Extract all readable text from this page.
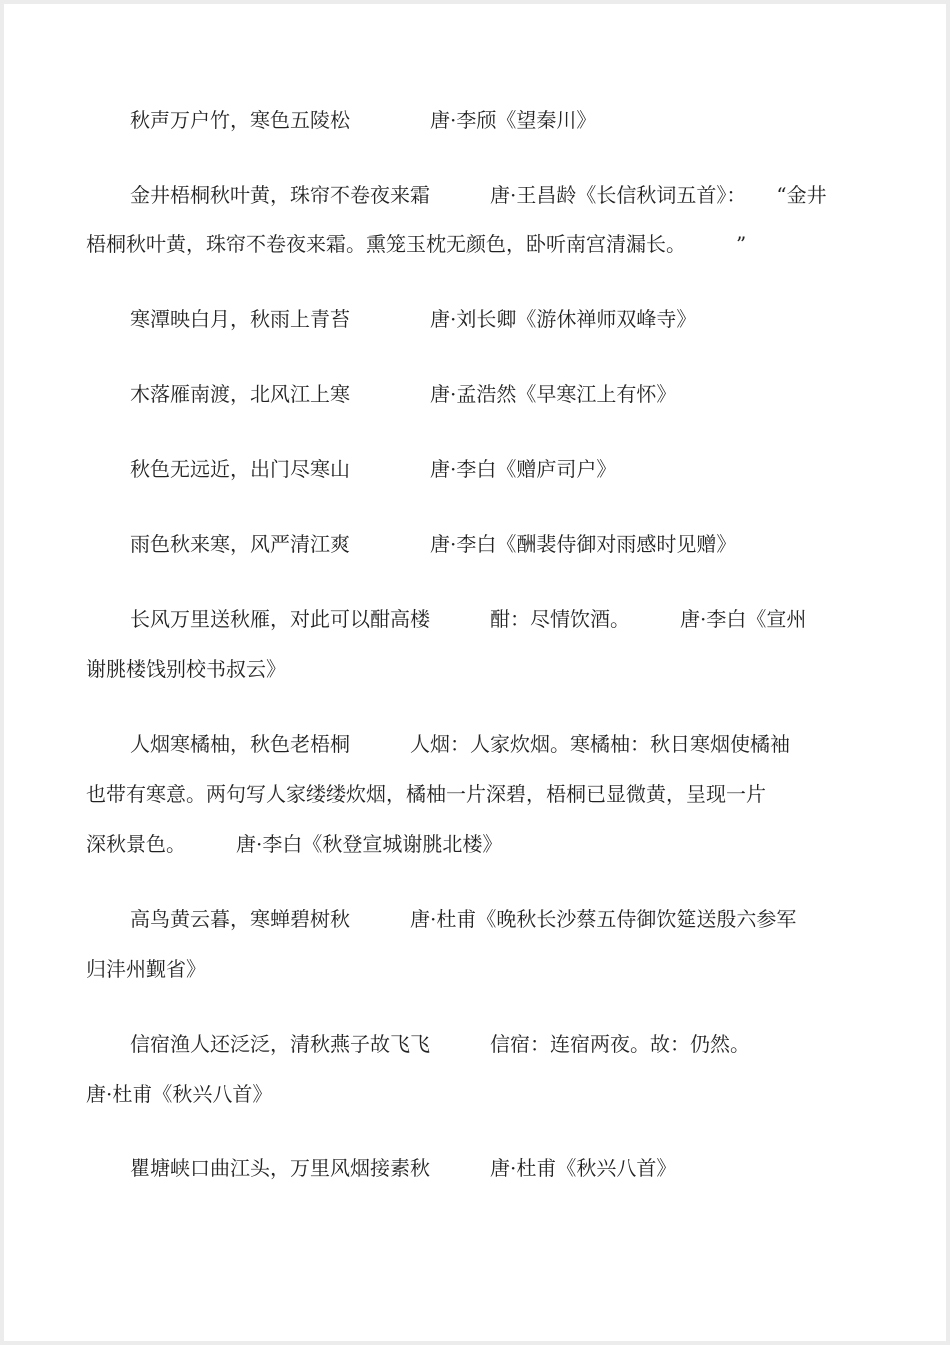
秋声万户竹，寒色五陵松　　　　唐·李颀《望秦川》
金井梧桐秋叶黄，珠帘不卷夜来霜　　　唐·王昌龄《长信秋词五首》：　　“金井
梧桐秋叶黄，珠帘不卷夜来霜。熏笼玉枕无颜色，卧听南宫清漏长。　　　”
寒潭映白月，秋雨上青苔　　　　唐·刘长卿《游休禅师双峰寺》
木落雁南渡，北风江上寒　　　　唐·孟浩然《早寒江上有怀》
秋色无远近，出门尽寒山　　　　唐·李白《赠庐司户》
雨色秋来寒，风严清江爽　　　　唐·李白《酬裴侍御对雨感时见赠》
长风万里送秋雁，对此可以酣高楼　　　酣：尽情饮酒。　　　唐·李白《宣州
谢朓楼饯别校书叔云》
人烟寒橘柚，秋色老梧桐　　　人烟：人家炊烟。寒橘柚：秋日寒烟使橘袖
也带有寒意。两句写人家缕缕炊烟，橘柚一片深碧，梧桐已显微黄，呈现一片
深秋景色。　　　唐·李白《秋登宣城谢朓北楼》
高鸟黄云暮，寒蝉碧树秋　　　唐·杜甫《晚秋长沙蔡五侍御饮筵送殷六参军
归沣州觐省》
信宿渔人还泛泛，清秋燕子故飞飞　　　信宿：连宿两夜。故：仍然。
唐·杜甫《秋兴八首》
瞿塘峡口曲江头，万里风烟接素秋　　　唐·杜甫《秋兴八首》
